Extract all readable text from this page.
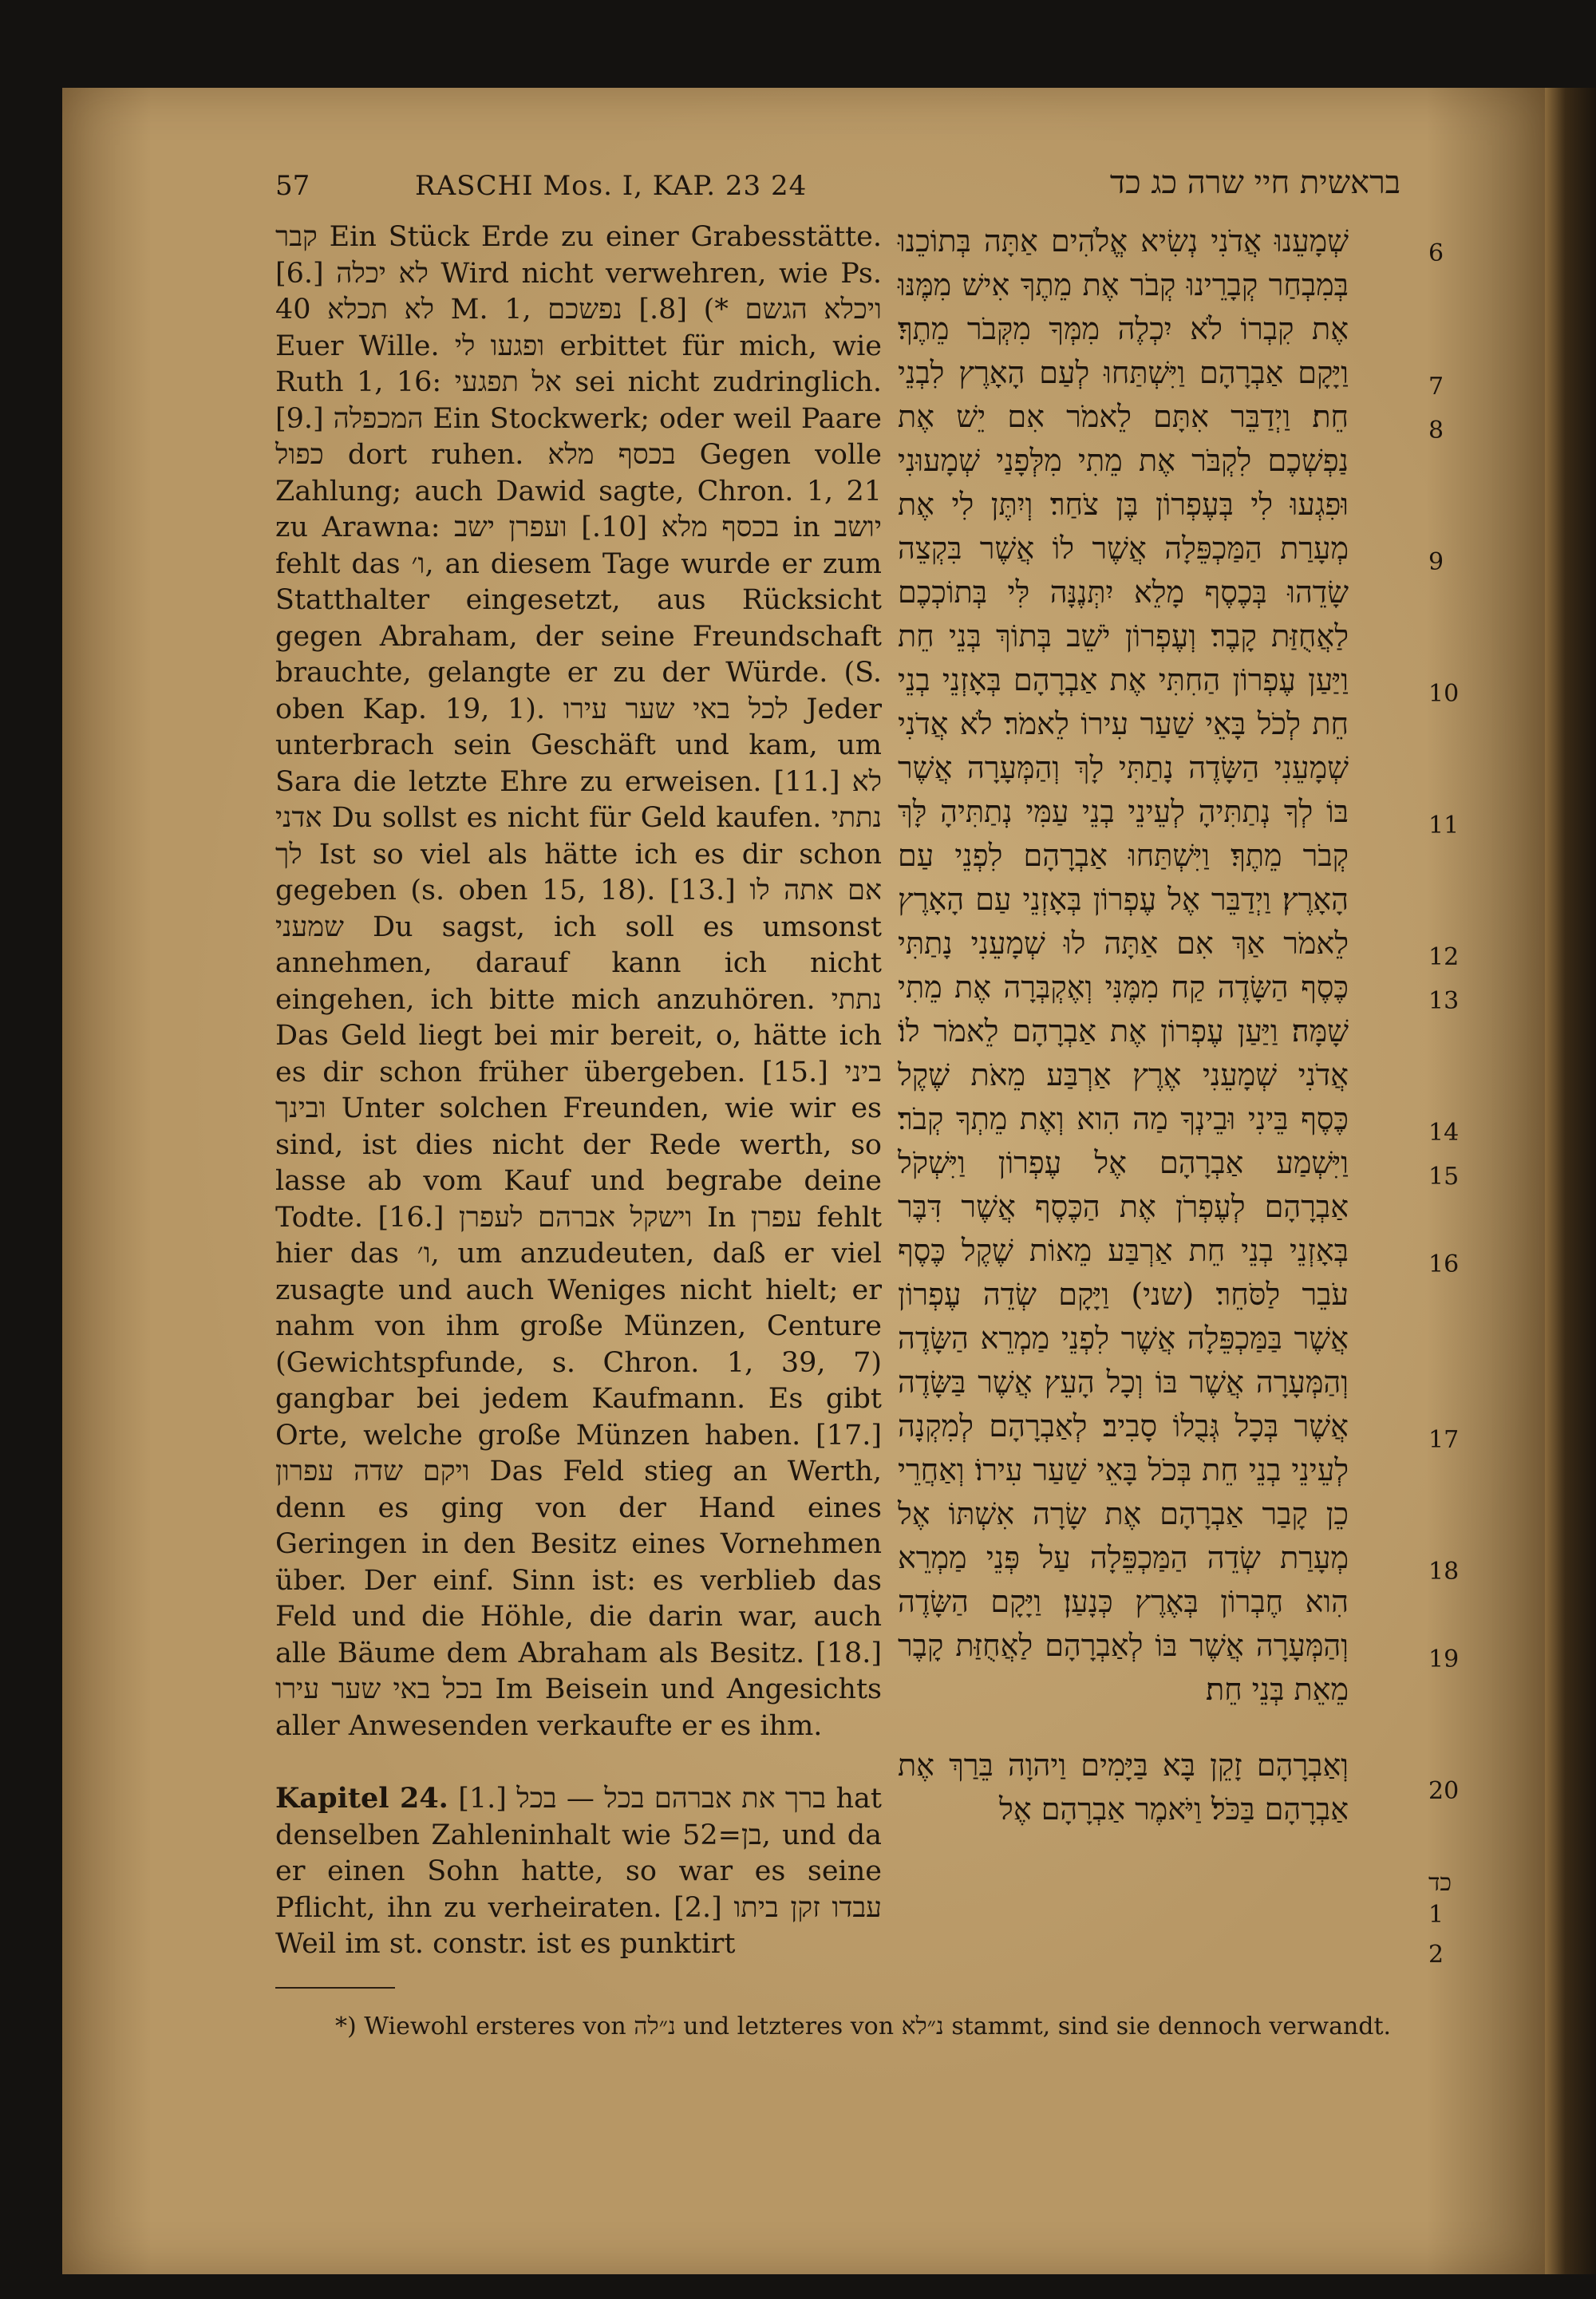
57	RASCHI Mos. I, KAP. 23 24	בראשית חיי שרה כג כד

קבר Ein Stück Erde zu einer Grabesstätte. [6.] לא יכלה Wird nicht verwehren, wie Ps. 40 לא תכלא M. 1, ויכלא הגשם *) [8.] נפשכם Euer Wille. ופגעו לי erbittet für mich, wie Ruth 1, 16: אל תפגעי sei nicht zudringlich. [9.] המכפלה Ein Stockwerk; oder weil Paare כפול dort ruhen. בכסף מלא Gegen volle Zahlung; auch Dawid sagte, Chron. 1, 21 zu Arawna: בכסף מלא [10.] ועפרן ישב in יושב fehlt das ו׳, an diesem Tage wurde er zum Statthalter eingesetzt, aus Rücksicht gegen Abraham, der seine Freundschaft brauchte, gelangte er zu der Würde. (S. oben Kap. 19, 1). לכל באי שער עירו Jeder unterbrach sein Geschäft und kam, um Sara die letzte Ehre zu erweisen. [11.] לא אדני Du sollst es nicht für Geld kaufen. נתתי לך Ist so viel als hätte ich es dir schon gegeben (s. oben 15, 18). [13.] אם אתה לו שמעני Du sagst, ich soll es umsonst annehmen, darauf kann ich nicht eingehen, ich bitte mich anzuhören. נתתי Das Geld liegt bei mir bereit, o, hätte ich es dir schon früher übergeben. [15.] ביני ובינך Unter solchen Freunden, wie wir es sind, ist dies nicht der Rede werth, so lasse ab vom Kauf und begrabe deine Todte. [16.] וישקל אברהם לעפרן In עפרן fehlt hier das ו׳, um anzudeuten, daß er viel zusagte und auch Weniges nicht hielt; er nahm von ihm große Münzen, Centure (Gewichtspfunde, s. Chron. 1, 39, 7) gangbar bei jedem Kaufmann. Es gibt Orte, welche große Münzen haben. [17.] ויקם שדה עפרון Das Feld stieg an Werth, denn es ging von der Hand eines Geringen in den Besitz eines Vornehmen über. Der einf. Sinn ist: es verblieb das Feld und die Höhle, die darin war, auch alle Bäume dem Abraham als Besitz. [18.] בכל באי שער עירו Im Beisein und Angesichts aller Anwesenden verkaufte er es ihm.

Kapitel 24. [1.] ברך את אברהם בכל — בכל hat denselben Zahleninhalt wie בן=52, und da er einen Sohn hatte, so war es seine Pflicht, ihn zu verheiraten. [2.] עבדו זקן ביתו Weil im st. constr. ist es punktirt

שְׁמָעֵנוּ אֲדֹנִי נְשִׂיא אֱלֹהִים אַתָּה בְּתוֹכֵנוּ בְּמִבְחַר קְבָרֵינוּ קְבֹר אֶת מֵתֶךָ אִישׁ מִמֶּנּוּ אֶת קִבְרוֹ לֹא יִכְלֶה מִמְּךָ מִקְּבֹר מֵתֶךָ׃ וַיָּקָם אַבְרָהָם וַיִּשְׁתַּחוּ לְעַם הָאָרֶץ לִבְנֵי חֵת׃ וַיְדַבֵּר אִתָּם לֵאמֹר אִם יֵשׁ אֶת נַפְשְׁכֶם לִקְבֹּר אֶת מֵתִי מִלְּפָנַי שְׁמָעוּנִי וּפִגְעוּ לִי בְּעֶפְרוֹן בֶּן צֹחַר׃ וְיִתֶּן לִי אֶת מְעָרַת הַמַּכְפֵּלָה אֲשֶׁר לוֹ אֲשֶׁר בִּקְצֵה שָׂדֵהוּ בְּכֶסֶף מָלֵא יִתְּנֶנָּה לִּי בְּתוֹכְכֶם לַאֲחֻזַּת קָבֶר׃ וְעֶפְרוֹן יֹשֵׁב בְּתוֹךְ בְּנֵי חֵת וַיַּעַן עֶפְרוֹן הַחִתִּי אֶת אַבְרָהָם בְּאָזְנֵי בְנֵי חֵת לְכֹל בָּאֵי שַׁעַר עִירוֹ לֵאמֹר׃ לֹא אֲדֹנִי שְׁמָעֵנִי הַשָּׂדֶה נָתַתִּי לָךְ וְהַמְּעָרָה אֲשֶׁר בּוֹ לְךָ נְתַתִּיהָ לְעֵינֵי בְנֵי עַמִּי נְתַתִּיהָ לָּךְ קְבֹר מֵתֶךָ׃ וַיִּשְׁתַּחוּ אַבְרָהָם לִפְנֵי עַם הָאָרֶץ׃ וַיְדַבֵּר אֶל עֶפְרוֹן בְּאָזְנֵי עַם הָאָרֶץ לֵאמֹר אַךְ אִם אַתָּה לוּ שְׁמָעֵנִי נָתַתִּי כֶּסֶף הַשָּׂדֶה קַח מִמֶּנִּי וְאֶקְבְּרָה אֶת מֵתִי שָׁמָּה׃ וַיַּעַן עֶפְרוֹן אֶת אַבְרָהָם לֵאמֹר לוֹ׃ אֲדֹנִי שְׁמָעֵנִי אֶרֶץ אַרְבַּע מֵאֹת שֶׁקֶל כֶּסֶף בֵּינִי וּבֵינְךָ מַה הִוא וְאֶת מֵתְךָ קְבֹר׃ וַיִּשְׁמַע אַבְרָהָם אֶל עֶפְרוֹן וַיִּשְׁקֹל אַבְרָהָם לְעֶפְרֹן אֶת הַכֶּסֶף אֲשֶׁר דִּבֶּר בְּאָזְנֵי בְנֵי חֵת אַרְבַּע מֵאוֹת שֶׁקֶל כֶּסֶף עֹבֵר לַסֹּחֵר׃ (שני) וַיָּקָם שְׂדֵה עֶפְרוֹן אֲשֶׁר בַּמַּכְפֵּלָה אֲשֶׁר לִפְנֵי מַמְרֵא הַשָּׂדֶה וְהַמְּעָרָה אֲשֶׁר בּוֹ וְכָל הָעֵץ אֲשֶׁר בַּשָּׂדֶה אֲשֶׁר בְּכָל גְּבֻלוֹ סָבִיב׃ לְאַבְרָהָם לְמִקְנָה לְעֵינֵי בְנֵי חֵת בְּכֹל בָּאֵי שַׁעַר עִירוֹ׃ וְאַחֲרֵי כֵן קָבַר אַבְרָהָם אֶת שָׂרָה אִשְׁתּוֹ אֶל מְעָרַת שְׂדֵה הַמַּכְפֵּלָה עַל פְּנֵי מַמְרֵא הִוא חֶבְרוֹן בְּאֶרֶץ כְּנָעַן׃ וַיָּקָם הַשָּׂדֶה וְהַמְּעָרָה אֲשֶׁר בּוֹ לְאַבְרָהָם לַאֲחֻזַּת קָבֶר מֵאֵת בְּנֵי חֵת׃

וְאַבְרָהָם זָקֵן בָּא בַּיָּמִים וַיהוָה בֵּרַךְ אֶת אַבְרָהָם בַּכֹּל׃ וַיֹּאמֶר אַבְרָהָם אֶל

6
7
8
9
10
11
12
13
14
15
16
17
18
19
20
כד
1
2
*) Wiewohl ersteres von נ״לה und letzteres von נ״לא stammt, sind sie dennoch verwandt.
